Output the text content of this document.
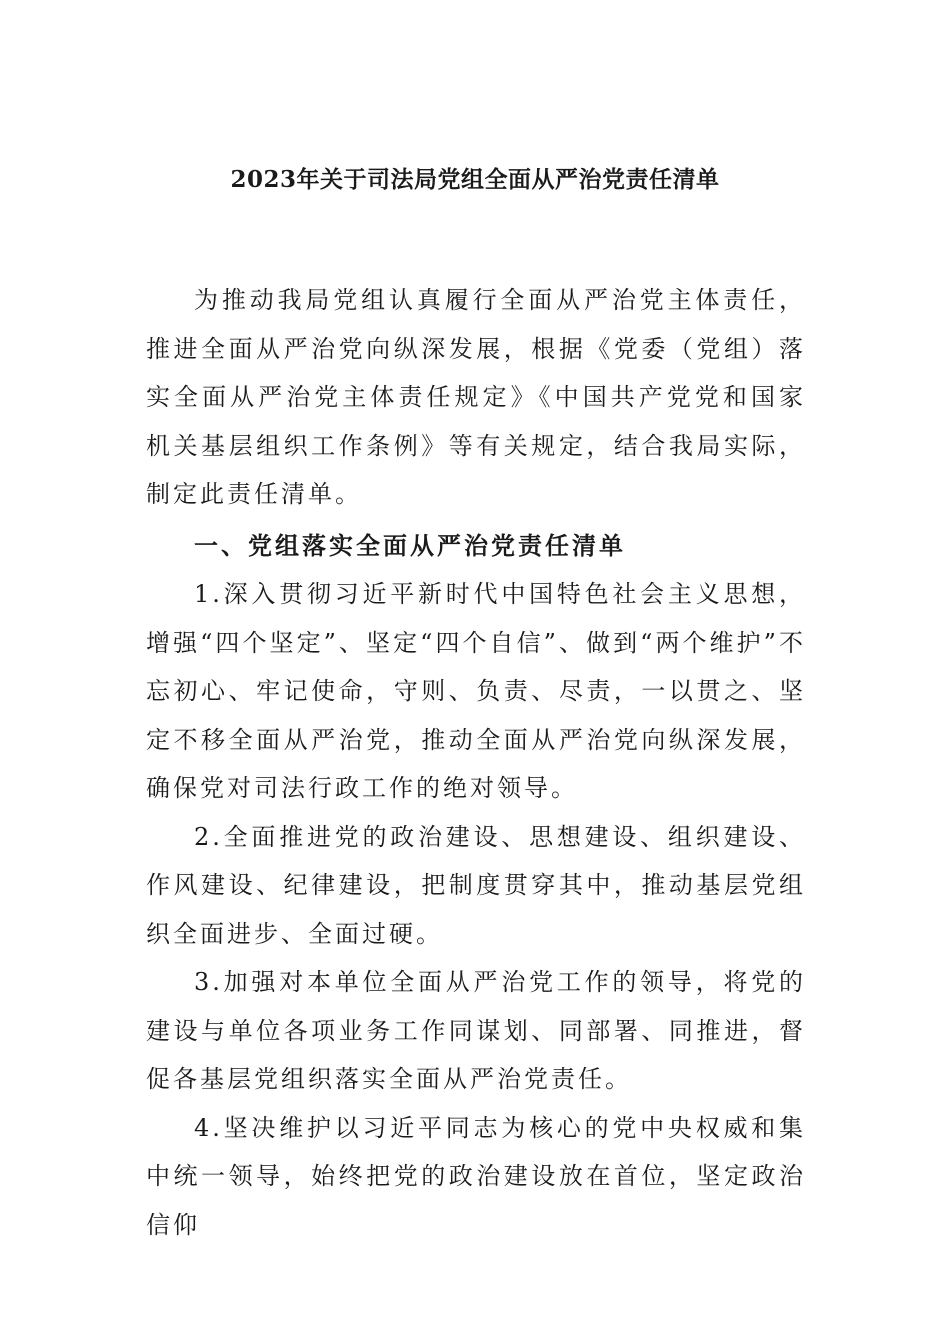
2023年关于司法局党组全面从严治党责任清单

为推动我局党组认真履行全面从严治党主体责任，推进全面从严治党向纵深发展，根据《党委（党组）落实全面从严治党主体责任规定》《中国共产党党和国家机关基层组织工作条例》等有关规定，结合我局实际，制定此责任清单。

一、党组落实全面从严治党责任清单

1.深入贯彻习近平新时代中国特色社会主义思想，增强“四个坚定”、坚定“四个自信”、做到“两个维护”不忘初心、牢记使命，守则、负责、尽责，一以贯之、坚定不移全面从严治党，推动全面从严治党向纵深发展，确保党对司法行政工作的绝对领导。

2.全面推进党的政治建设、思想建设、组织建设、作风建设、纪律建设，把制度贯穿其中，推动基层党组织全面进步、全面过硬。

3.加强对本单位全面从严治党工作的领导，将党的建设与单位各项业务工作同谋划、同部署、同推进，督促各基层党组织落实全面从严治党责任。

4.坚决维护以习近平同志为核心的党中央权威和集中统一领导，始终把党的政治建设放在首位，坚定政治信仰
